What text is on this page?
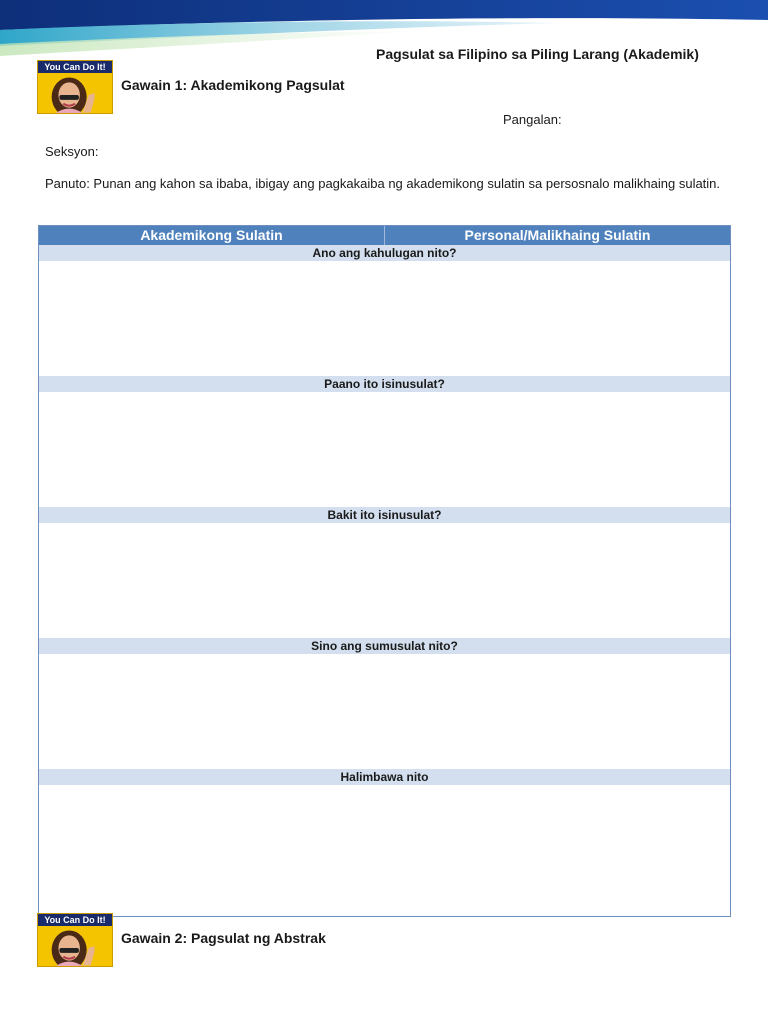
Pagsulat sa Filipino sa Piling Larang (Akademik)
You Can Do It!
Gawain 1: Akademikong Pagsulat
Pangalan:
Seksyon:
Panuto: Punan ang kahon sa ibaba, ibigay ang pagkakaiba ng akademikong sulatin sa persosnalo malikhaing sulatin.
Akademikong Sulatin	Personal/Malikhaing Sulatin
Ano ang kahulugan nito?
Paano ito isinusulat?
Bakit ito isinusulat?
Sino ang sumusulat nito?
Halimbawa nito
You Can Do It!
Gawain 2: Pagsulat ng Abstrak
